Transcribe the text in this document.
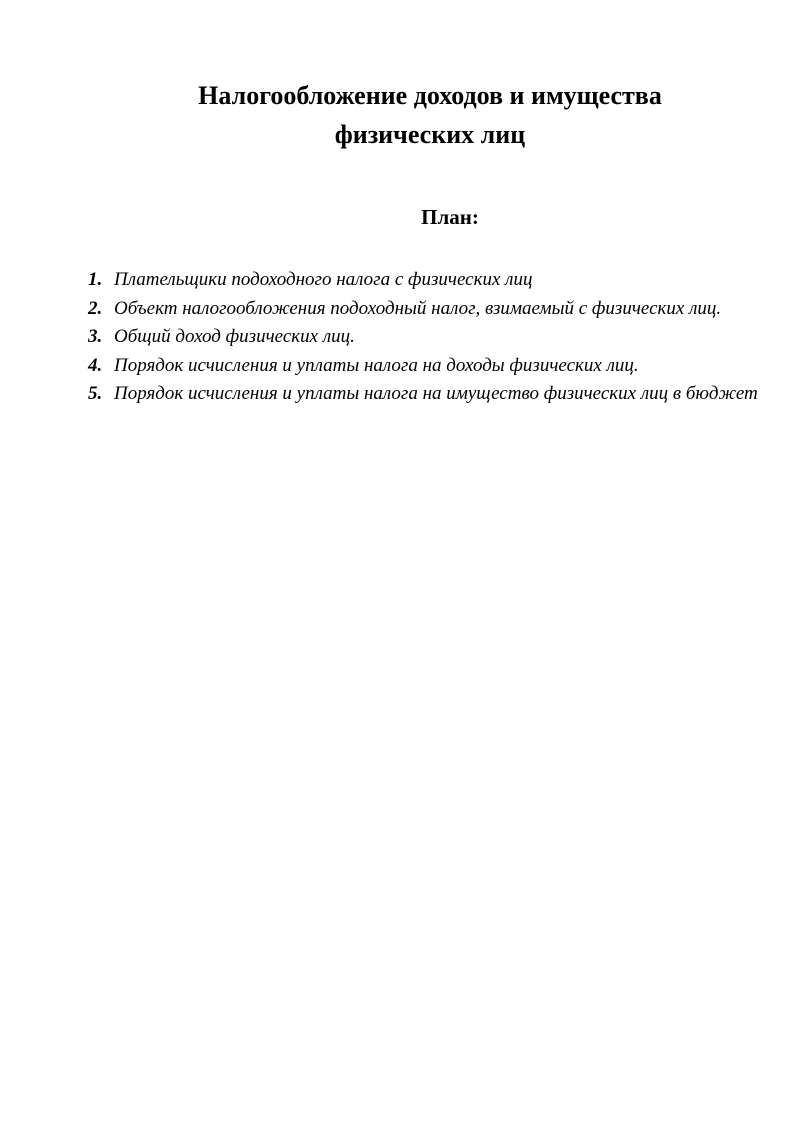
Налогообложение доходов и имущества
физических лиц
План:
1. Плательщики подоходного налога с физических лиц
2. Объект налогообложения подоходный налог, взимаемый с физических лиц.
3. Общий доход физических лиц.
4. Порядок исчисления и уплаты налога на доходы физических лиц.
5. Порядок исчисления и уплаты налога на имущество физических лиц в бюджет
